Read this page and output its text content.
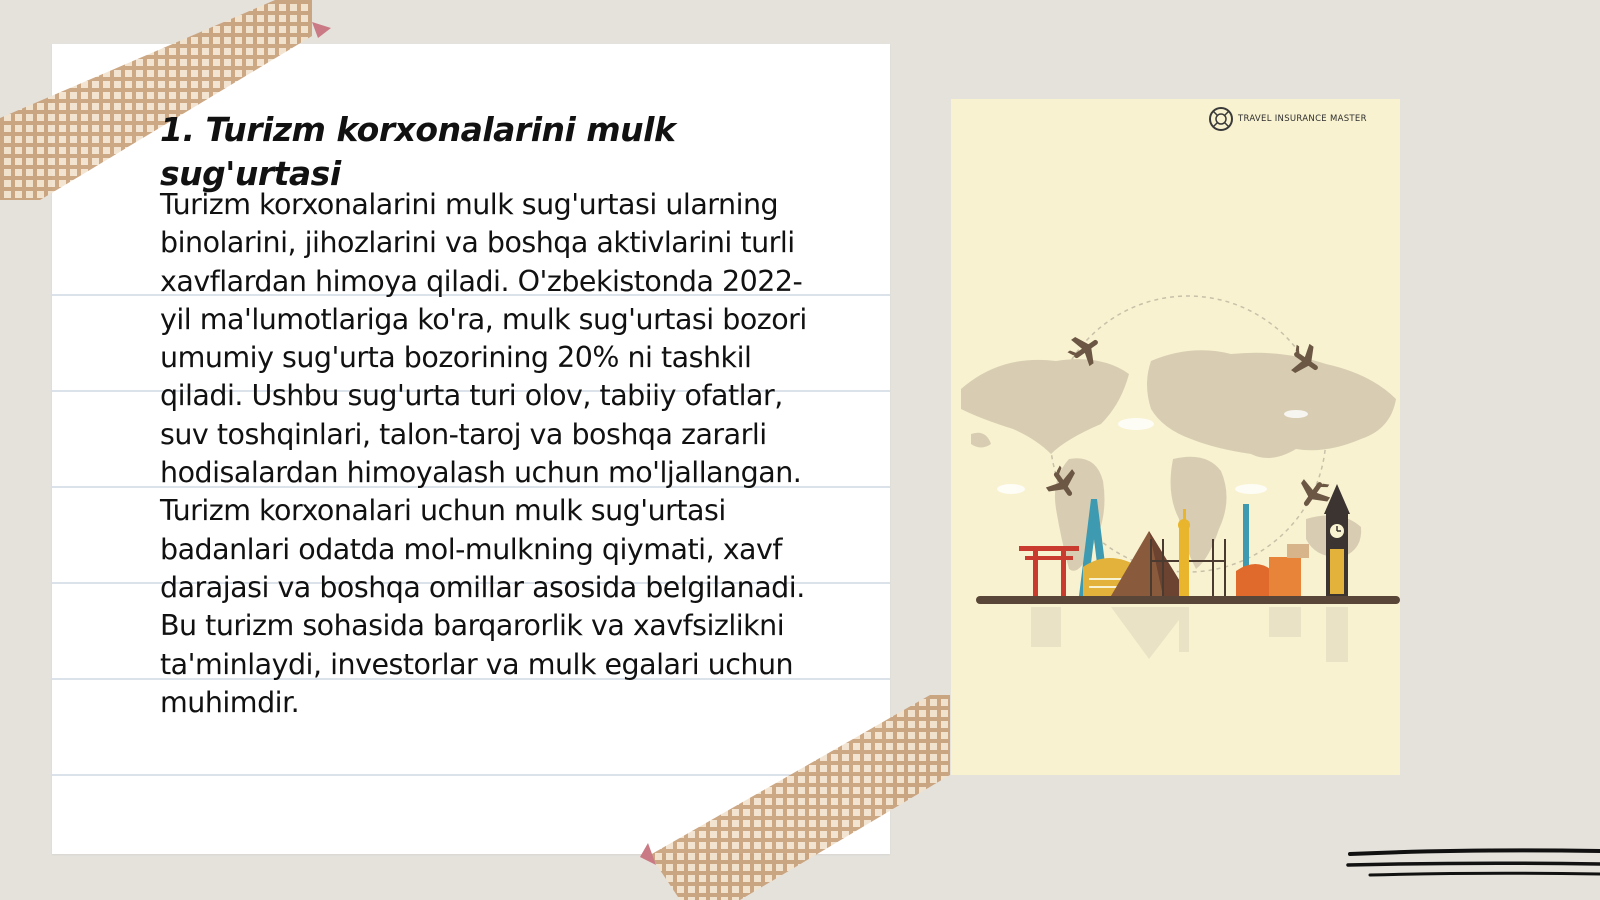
1. Turizm korxonalarini mulk sug'urtasi

Turizm korxonalarini mulk sug'urtasi ularning binolarini, jihozlarini va boshqa aktivlarini turli xavflardan himoya qiladi. O'zbekistonda 2022-yil ma'lumotlariga ko'ra, mulk sug'urtasi bozori umumiy sug'urta bozorining 20% ni tashkil qiladi. Ushbu sug'urta turi olov, tabiiy ofatlar, suv toshqinlari, talon-taroj va boshqa zararli hodisalardan himoyalash uchun mo'ljallangan. Turizm korxonalari uchun mulk sug'urtasi badanlari odatda mol-mulkning qiymati, xavf darajasi va boshqa omillar asosida belgilanadi. Bu turizm sohasida barqarorlik va xavfsizlikni ta'minlaydi, investorlar va mulk egalari uchun muhimdir.

TRAVEL INSURANCE MASTER
